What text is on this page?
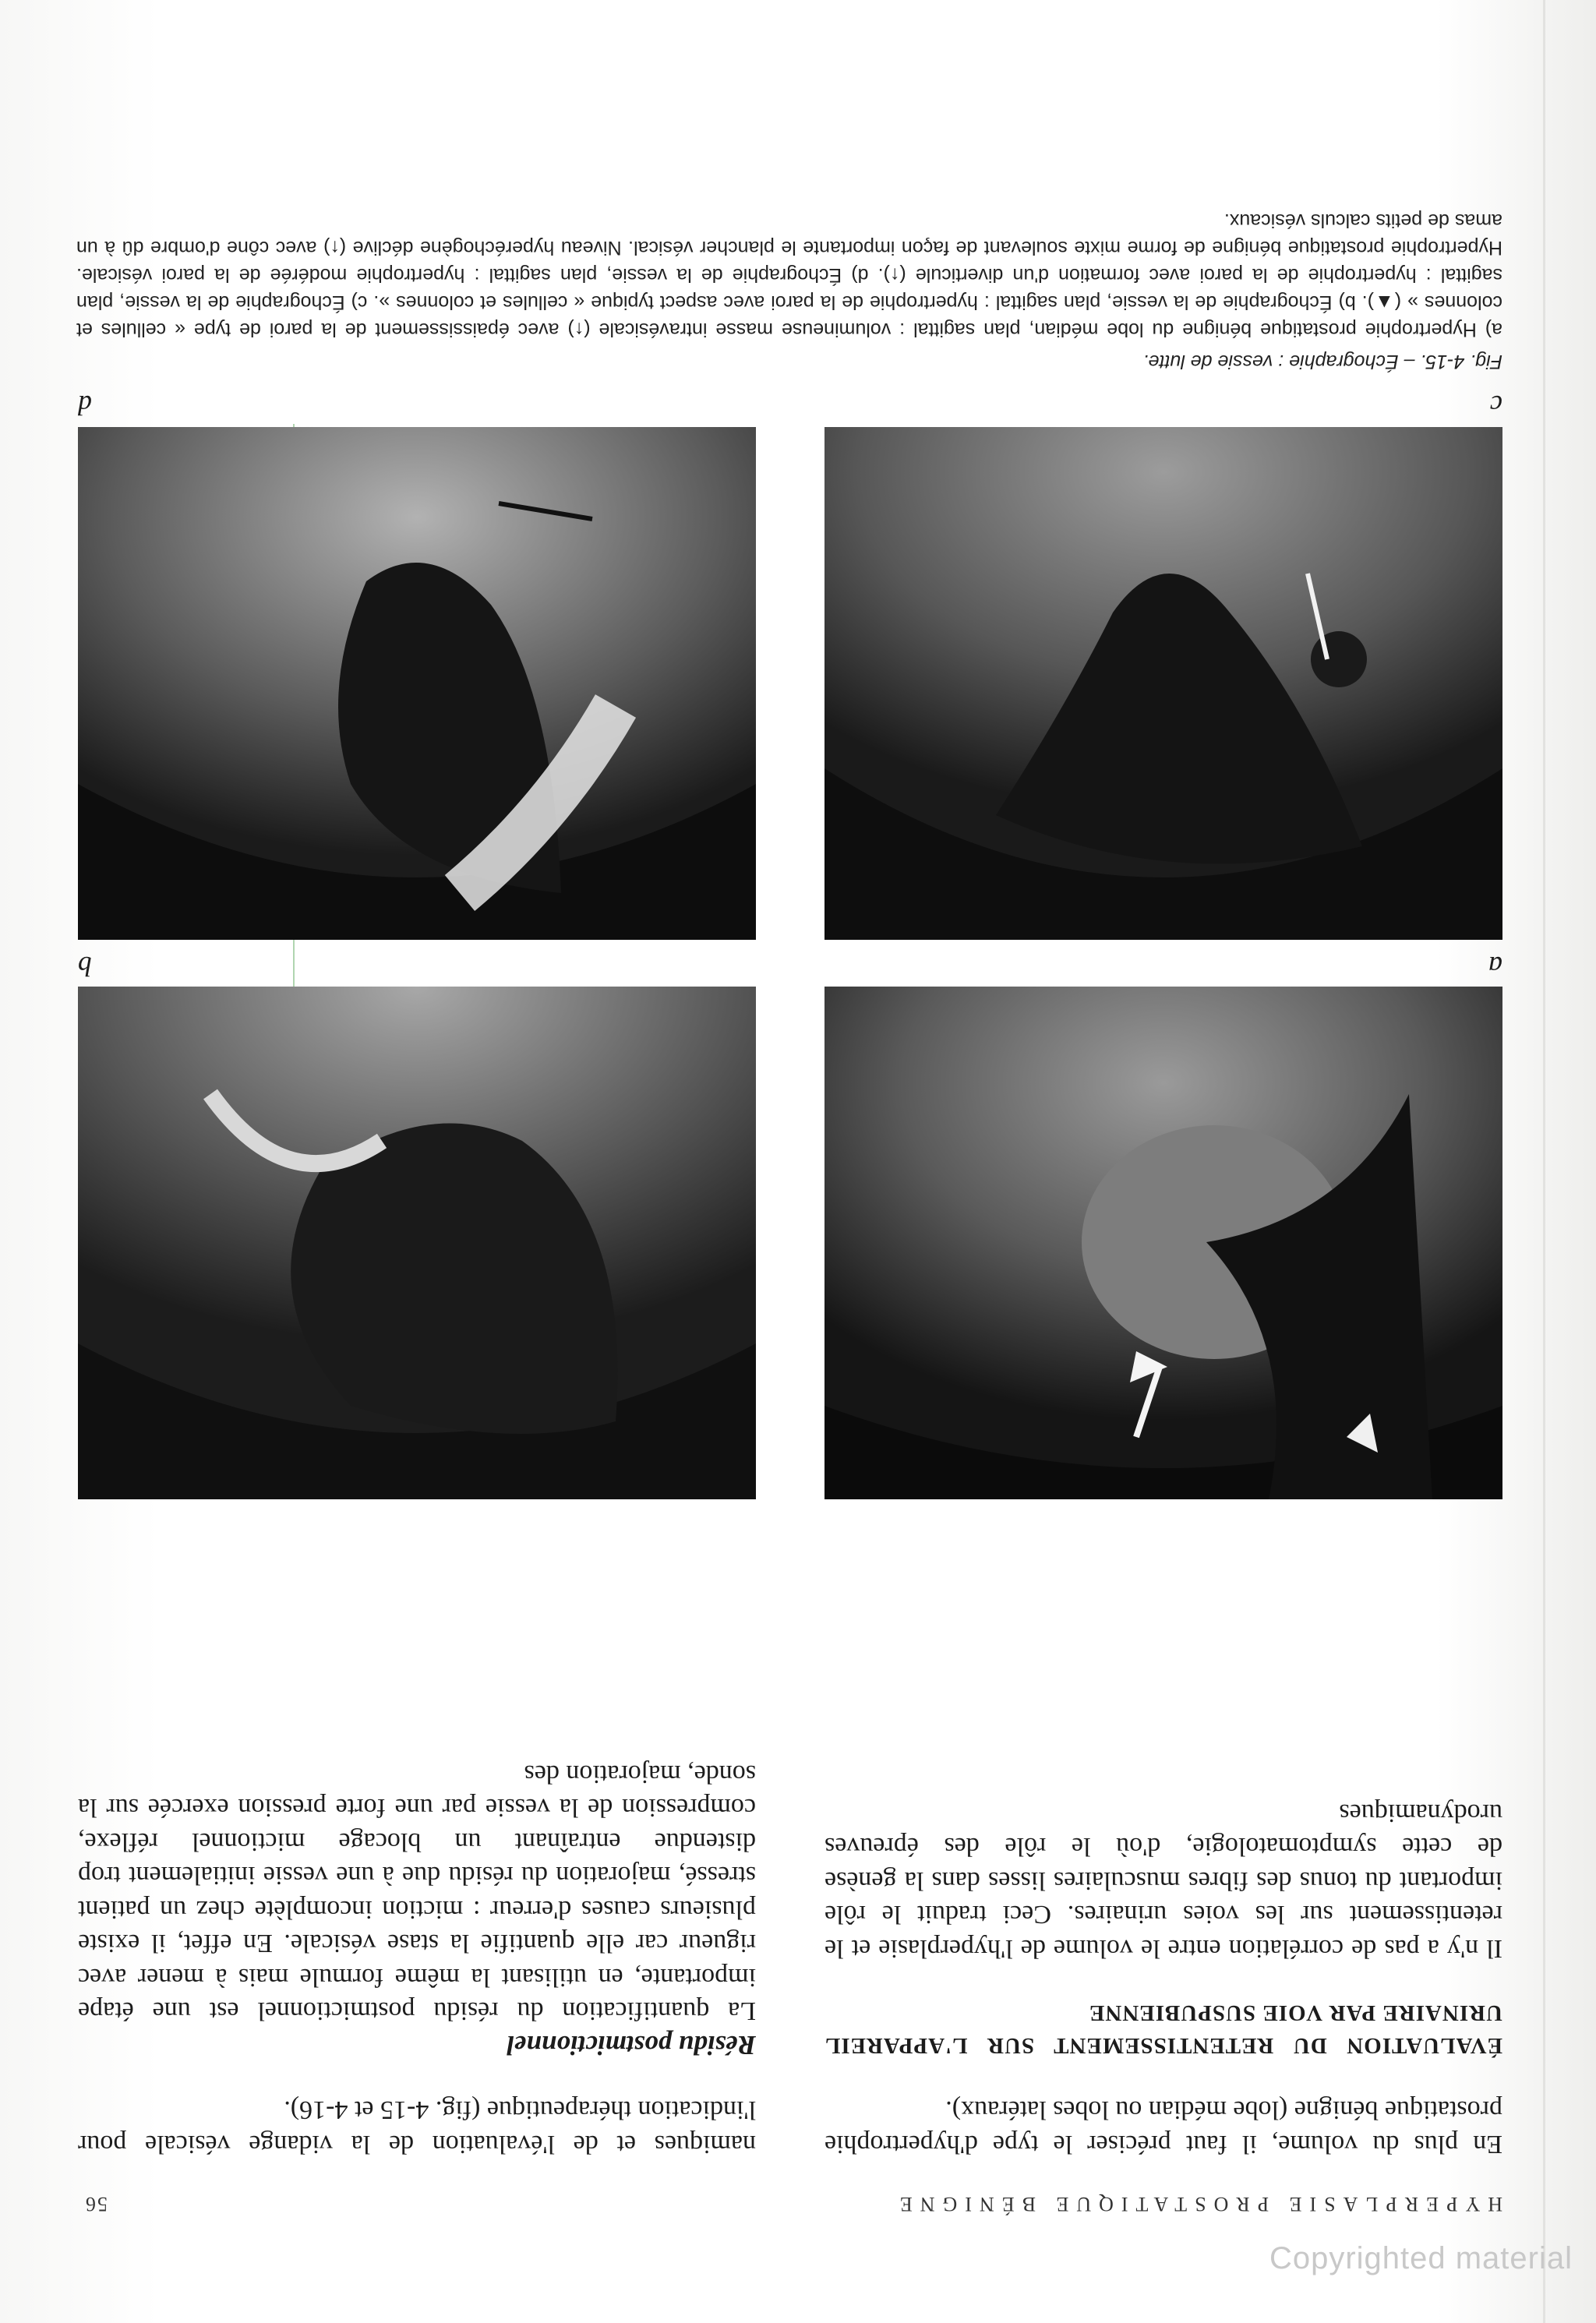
56	HYPERPLASIE PROSTATIQUE BÉNIGNE

En plus du volume, il faut préciser le type d'hypertrophie prostatique bénigne (lobe médian ou lobes latéraux).

ÉVALUATION DU RETENTISSEMENT SUR L'APPAREIL URINAIRE PAR VOIE SUSPUBIENNE

Il n'y a pas de corrélation entre le volume de l'hyperplasie et le retentissement sur les voies urinaires. Ceci traduit le rôle important du tonus des fibres musculaires lisses dans la genèse de cette symptomatologie, d'où le rôle des épreuves urodynamiques

namiques et de l'évaluation de la vidange vésicale pour l'indication thérapeutique (fig. 4-15 et 4-16).

Résidu postmictionnel

La quantification du résidu postmictionnel est une étape importante, en utilisant la même formule mais à mener avec rigueur car elle quantifie la stase vésicale. En effet, il existe plusieurs causes d'erreur : miction incomplète chez un patient stressé, majoration du résidu due à une vessie initialement trop distendue entraînant un blocage mictionnel réflexe, compression de la vessie par une forte pression exercée sur la sonde, majoration des

a
b
c
d
Fig. 4-15. – Échographie : vessie de lutte.

a) Hypertrophie prostatique bénigne du lobe médian, plan sagittal : volumineuse masse intravésicale (↑) avec épaississement de la paroi de type « cellules et colonnes » (▲). b) Échographie de la vessie, plan sagittal : hypertrophie de la paroi avec aspect typique « cellules et colonnes ». c) Échographie de la vessie, plan sagittal : hypertrophie de la paroi avec formation d'un diverticule (↑). d) Échographie de la vessie, plan sagittal : hypertrophie modérée de la paroi vésicale. Hypertrophie prostatique bénigne de forme mixte soulevant de façon importante le plancher vésical. Niveau hyperéchogène déclive (↑) avec cône d'ombre dû à un amas de petits calculs vésicaux.

Copyrighted material
